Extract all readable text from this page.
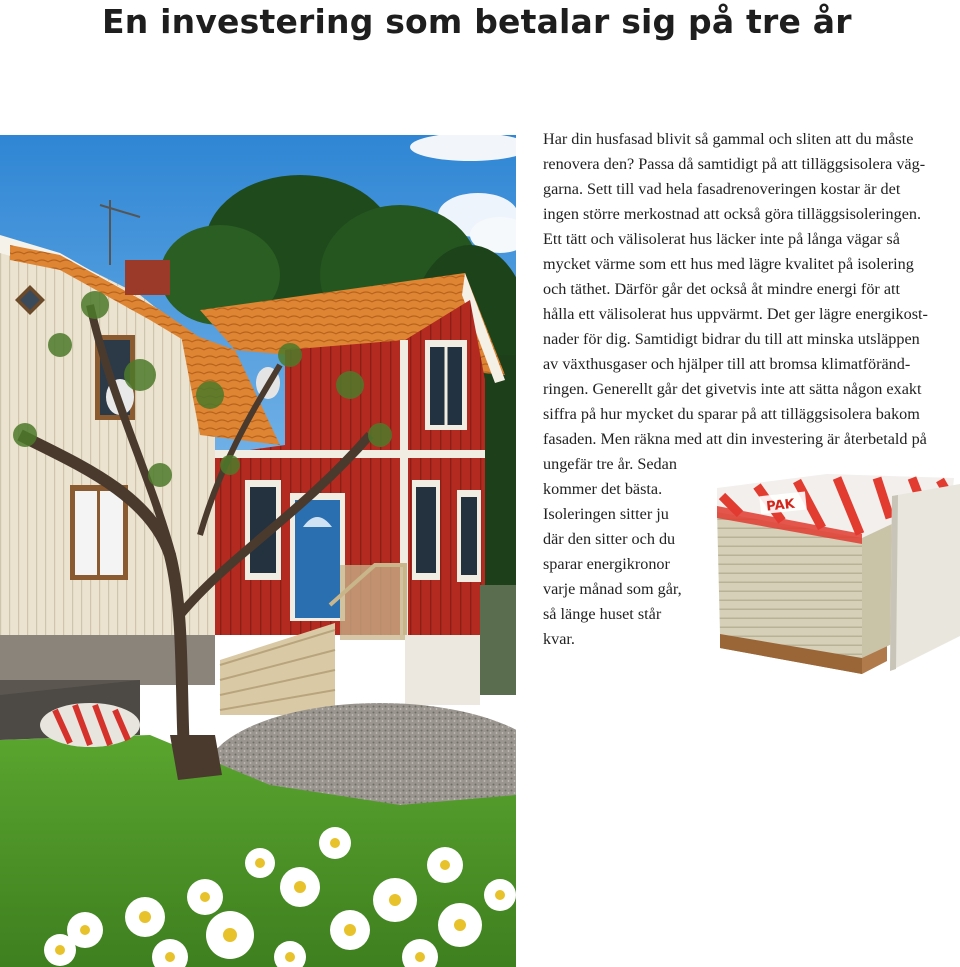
En investering som betalar sig på tre år
Har din husfasad blivit så gammal och sliten att du måste
renovera den? Passa då samtidigt på att tilläggsisolera väg-
garna. Sett till vad hela fasadrenoveringen kostar är det
ingen större merkostnad att också göra tilläggsisoleringen.
Ett tätt och välisolerat hus läcker inte på långa vägar så
mycket värme som ett hus med lägre kvalitet på isolering
och täthet. Därför går det också åt mindre energi för att
hålla ett välisolerat hus uppvärmt. Det ger lägre energikost-
nader för dig. Samtidigt bidrar du till att minska utsläppen
av växthusgaser och hjälper till att bromsa klimatföränd-
ringen. Generellt går det givetvis inte att sätta någon exakt
siffra på hur mycket du sparar på att tilläggsisolera bakom
fasaden. Men räkna med att din investering är återbetald på
ungefär tre år. Sedan
kommer det bästa.
Isoleringen sitter ju
där den sitter och du
sparar energikronor
varje månad som går,
så länge huset står
kvar.
PAK
